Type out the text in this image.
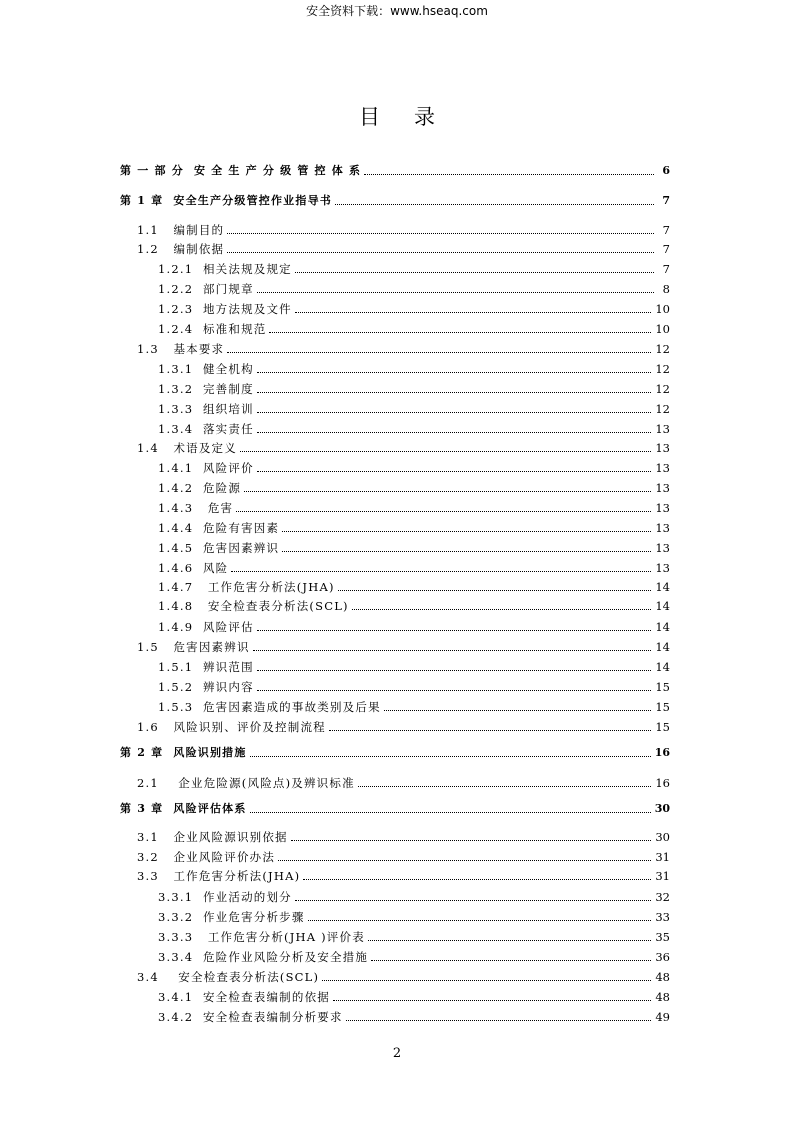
安全资料下载：www.hseaq.com
目录
第 一 部 分  安 全 生 产 分 级 管 控 体 系	6
第 1 章  安全生产分级管控作业指导书	7
1.1   编制目的	7
1.2   编制依据	7
1.2.1  相关法规及规定	7
1.2.2  部门规章	8
1.2.3  地方法规及文件	10
1.2.4  标准和规范	10
1.3   基本要求	12
1.3.1  健全机构	12
1.3.2  完善制度	12
1.3.3  组织培训	12
1.3.4  落实责任	13
1.4   术语及定义	13
1.4.1  风险评价	13
1.4.2  危险源	13
1.4.3   危害	13
1.4.4  危险有害因素	13
1.4.5  危害因素辨识	13
1.4.6  风险	13
1.4.7   工作危害分析法(JHA)	14
1.4.8   安全检查表分析法(SCL)	14
1.4.9  风险评估	14
1.5   危害因素辨识	14
1.5.1  辨识范围	14
1.5.2  辨识内容	15
1.5.3  危害因素造成的事故类别及后果	15
1.6   风险识别、评价及控制流程	15
第 2 章  风险识别措施	16
2.1    企业危险源(风险点)及辨识标准	16
第 3 章  风险评估体系	30
3.1   企业风险源识别依据	30
3.2   企业风险评价办法	31
3.3   工作危害分析法(JHA)	31
3.3.1  作业活动的划分	32
3.3.2  作业危害分析步骤	33
3.3.3   工作危害分析(JHA )评价表	35
3.3.4  危险作业风险分析及安全措施	36
3.4    安全检查表分析法(SCL)	48
3.4.1  安全检查表编制的依据	48
3.4.2  安全检查表编制分析要求	49
2
